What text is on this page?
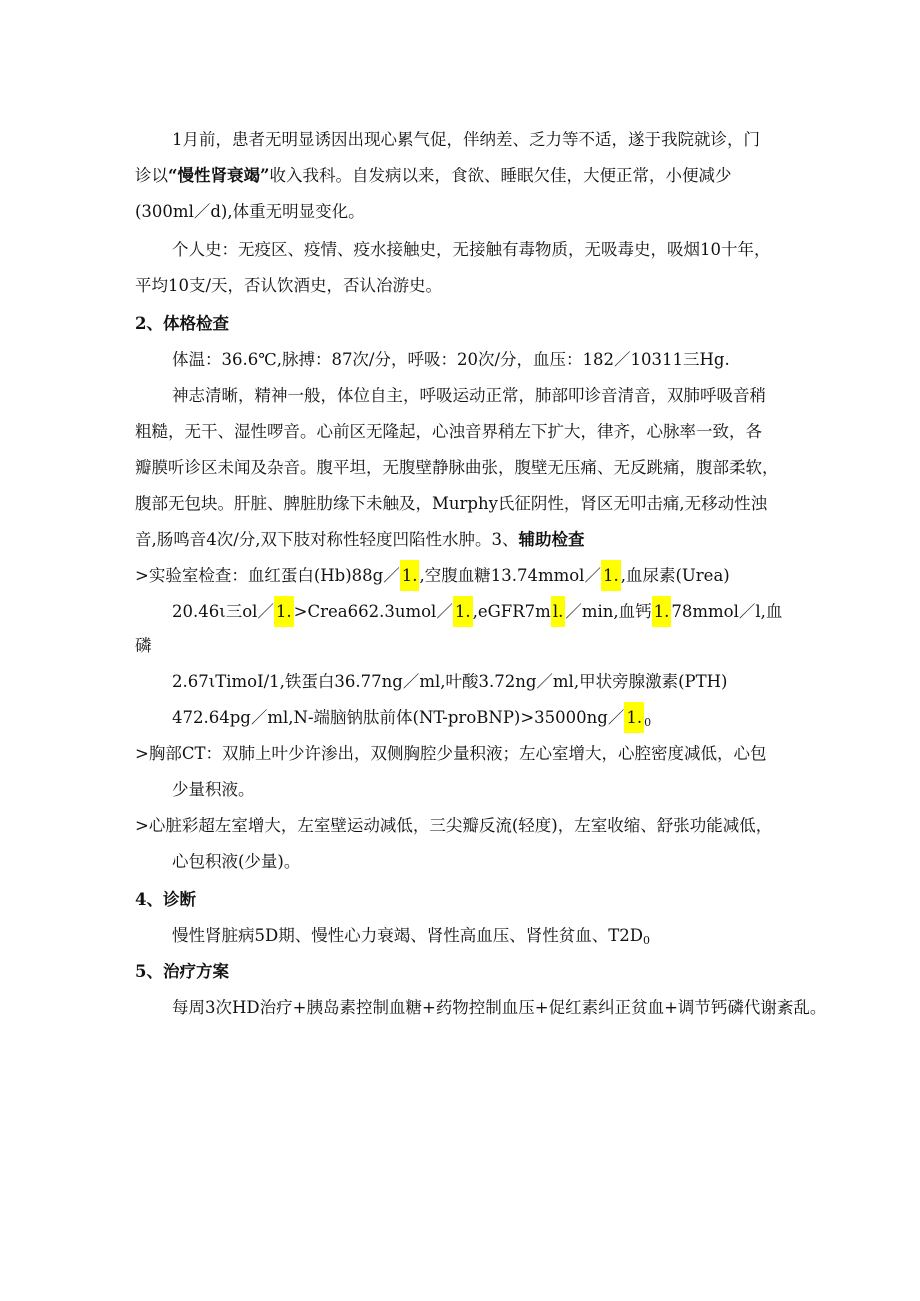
1月前，患者无明显诱因出现心累气促，伴纳差、乏力等不适，遂于我院就诊，门
诊以“慢性肾衰竭”收入我科。自发病以来，食欲、睡眠欠佳，大便正常，小便减少
(300ml／d),体重无明显变化。
个人史：无疫区、疫情、疫水接触史，无接触有毒物质，无吸毒史，吸烟10十年，
平均10支/天，否认饮酒史，否认冶游史。
2、体格检查
体温：36.6℃,脉搏：87次/分，呼吸：20次/分，血压：182／10311三Hg.
神志清晰，精神一般，体位自主，呼吸运动正常，肺部叩诊音清音，双肺呼吸音稍
粗糙，无干、湿性啰音。心前区无隆起，心浊音界稍左下扩大，律齐，心脉率一致，各
瓣膜听诊区未闻及杂音。腹平坦，无腹壁静脉曲张，腹壁无压痛、无反跳痛，腹部柔软，
腹部无包块。肝脏、脾脏肋缘下未触及，Murphy氏征阴性，肾区无叩击痛,无移动性浊
音,肠鸣音4次/分,双下肢对称性轻度凹陷性水肿。3、辅助检查
>实验室检查：血红蛋白(Hb)88g／ 1. ,空腹血糖13.74mmol／ 1. ,血尿素(Urea)
20.46ι三ol／ 1. >Crea662.3umol／ 1. ,eGFR7m l. ／min,血钙 1. 78mmol／l,血
磷
2.67ιTimoI/1,铁蛋白36.77ng／ml,叶酸3.72ng／ml,甲状旁腺激素(PTH)
472.64pg／ml,N-端脑钠肽前体(NT-proBNP)>35000ng／ 1. $_0$
>胸部CT：双肺上叶少许渗出，双侧胸腔少量积液；左心室增大，心腔密度减低，心包
少量积液。
>心脏彩超左室增大，左室壁运动减低，三尖瓣反流(轻度)，左室收缩、舒张功能减低，
心包积液(少量)。
4、诊断
慢性肾脏病5D期、慢性心力衰竭、肾性高血压、肾性贫血、$T2D_0$
5、治疗方案
每周3次HD治疗+胰岛素控制血糖+药物控制血压+促红素纠正贫血+调节钙磷代谢紊乱。
